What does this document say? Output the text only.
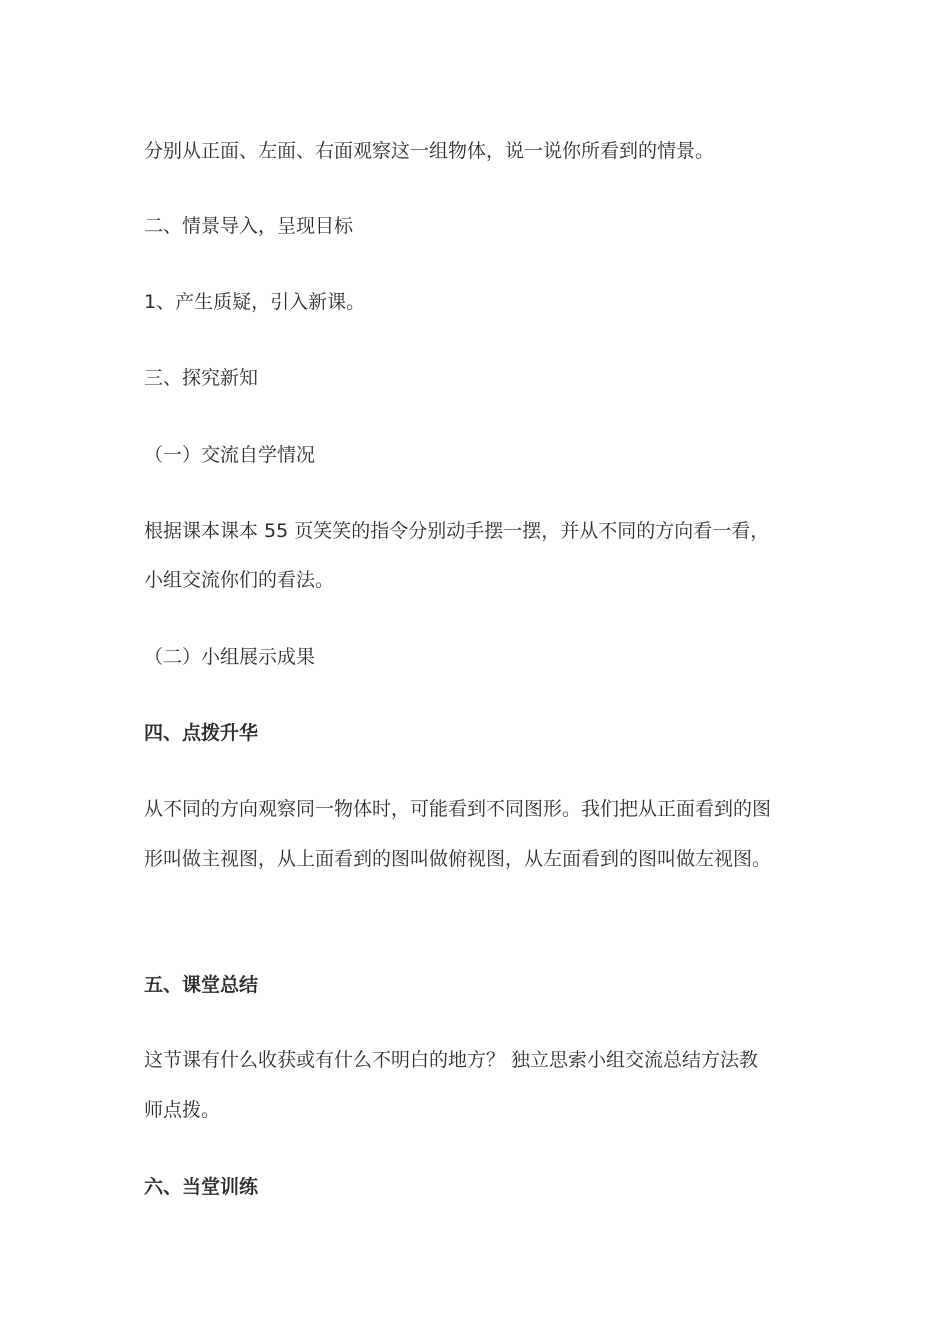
分别从正面、左面、右面观察这一组物体，说一说你所看到的情景。
二、情景导入，呈现目标
1、产生质疑，引入新课。
三、探究新知
（一）交流自学情况
根据课本课本 55 页笑笑的指令分别动手摆一摆，并从不同的方向看一看，
小组交流你们的看法。
（二）小组展示成果
四、点拨升华
从不同的方向观察同一物体时，可能看到不同图形。我们把从正面看到的图
形叫做主视图，从上面看到的图叫做俯视图，从左面看到的图叫做左视图。
五、课堂总结
这节课有什么收获或有什么不明白的地方？ 独立思索小组交流总结方法教
师点拨。
六、当堂训练
